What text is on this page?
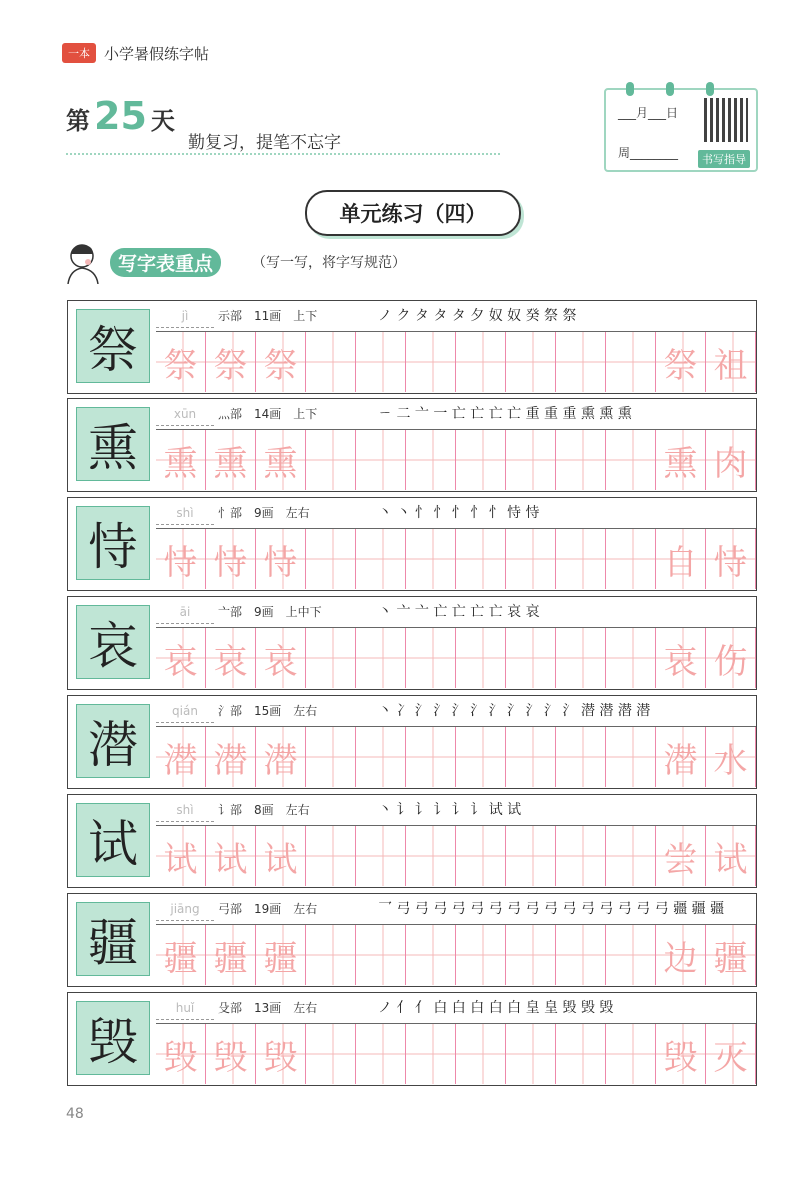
一本 小学暑假练字帖
第 25 天
勤复习，提笔不忘字
___月___日
周________	书写指导
单元练习（四）
写字表重点	（写一写，将字写规范）
祭
jì	示部　11画　上下	ノ ク タ タ タ 夕 奴 奴 癸 祭 祭
祭 祭 祭	祭 祖
熏
xūn	灬部　14画　上下	ㄧ 二 亠 一 亡 亡 亡 亡 重 重 重 熏 熏 熏
熏 熏 熏	熏 肉
恃
shì	忄部　9画　左右	丶 丶 忄 忄 忄 忄 忄 恃 恃
恃 恃 恃	自 恃
哀
āi	亠部　9画　上中下	丶 亠 亠 亡 亡 亡 亡 哀 哀
哀 哀 哀	哀 伤
潜
qián	氵部　15画　左右	丶 冫 氵 氵 氵 氵 氵 氵 氵 氵 氵 潜 潜 潜 潜
潜 潜 潜	潜 水
试
shì	讠部　8画　左右	丶 讠 讠 讠 讠 讠 试 试
试 试 试	尝 试
疆
jiāng	弓部　19画　左右	乛 弓 弓 弓 弓 弓 弓 弓 弓 弓 弓 弓 弓 弓 弓 弓 疆 疆 疆
疆 疆 疆	边 疆
毁
huǐ	殳部　13画　左右	ノ 亻 亻 白 白 白 白 白 皇 皇 毁 毁 毁
毁 毁 毁	毁 灭
48
